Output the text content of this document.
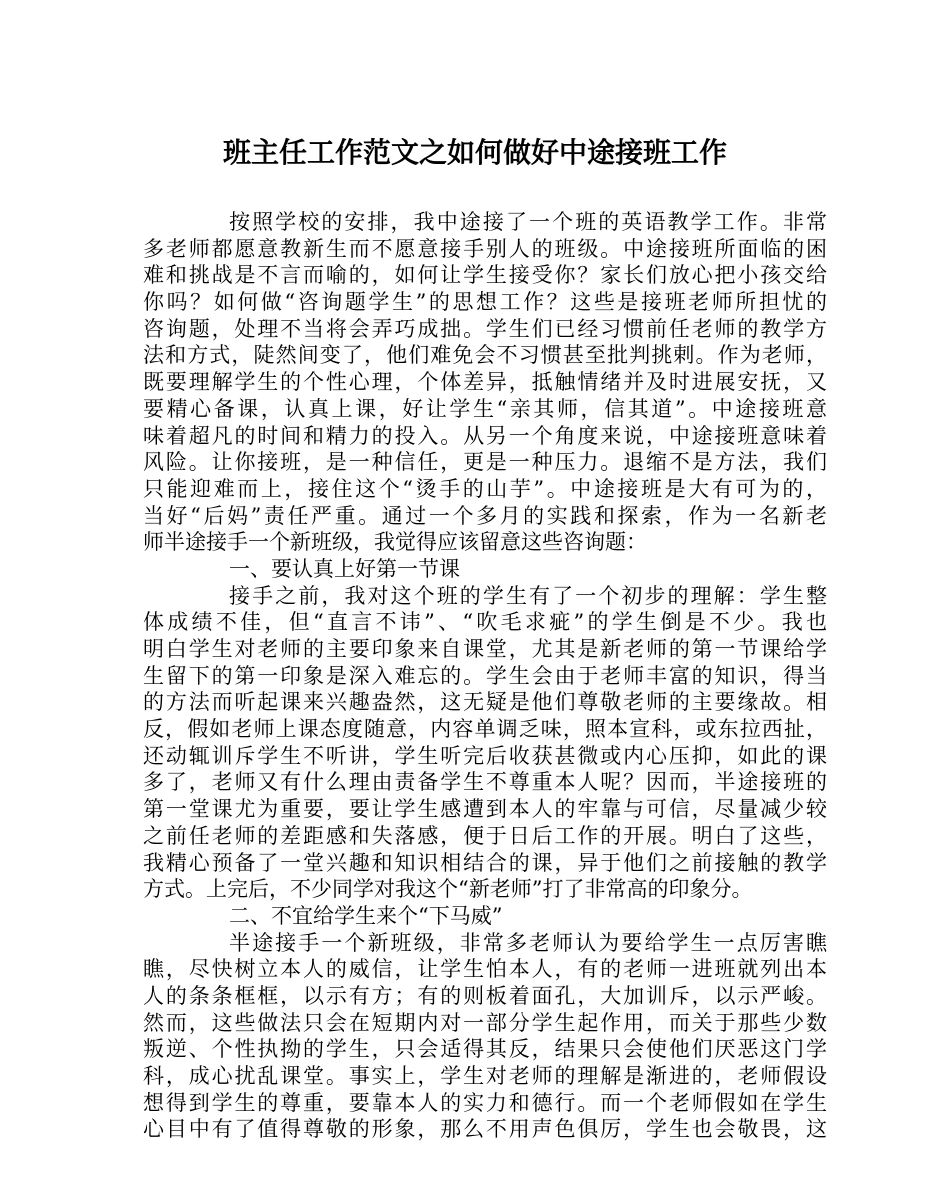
班主任工作范文之如何做好中途接班工作
按照学校的安排，我中途接了一个班的英语教学工作。非常
多老师都愿意教新生而不愿意接手别人的班级。中途接班所面临的困
难和挑战是不言而喻的，如何让学生接受你？家长们放心把小孩交给
你吗？如何做“咨询题学生”的思想工作？这些是接班老师所担忧的
咨询题，处理不当将会弄巧成拙。学生们已经习惯前任老师的教学方
法和方式，陡然间变了，他们难免会不习惯甚至批判挑剌。作为老师，
既要理解学生的个性心理，个体差异，抵触情绪并及时进展安抚，又
要精心备课，认真上课，好让学生“亲其师，信其道”。中途接班意
味着超凡的时间和精力的投入。从另一个角度来说，中途接班意味着
风险。让你接班，是一种信任，更是一种压力。退缩不是方法，我们
只能迎难而上，接住这个“烫手的山芋”。中途接班是大有可为的，
当好“后妈”责任严重。通过一个多月的实践和探索，作为一名新老
师半途接手一个新班级，我觉得应该留意这些咨询题：
一、要认真上好第一节课
接手之前，我对这个班的学生有了一个初步的理解：学生整
体成绩不佳，但“直言不讳”、“吹毛求疵”的学生倒是不少。我也
明白学生对老师的主要印象来自课堂，尤其是新老师的第一节课给学
生留下的第一印象是深入难忘的。学生会由于老师丰富的知识，得当
的方法而听起课来兴趣盎然，这无疑是他们尊敬老师的主要缘故。相
反，假如老师上课态度随意，内容单调乏味，照本宣科，或东拉西扯，
还动辄训斥学生不听讲，学生听完后收获甚微或内心压抑，如此的课
多了，老师又有什么理由责备学生不尊重本人呢？因而，半途接班的
第一堂课尤为重要，要让学生感遭到本人的牢靠与可信，尽量减少较
之前任老师的差距感和失落感，便于日后工作的开展。明白了这些，
我精心预备了一堂兴趣和知识相结合的课，异于他们之前接触的教学
方式。上完后，不少同学对我这个“新老师”打了非常高的印象分。
二、不宜给学生来个“下马威”
半途接手一个新班级，非常多老师认为要给学生一点厉害瞧
瞧，尽快树立本人的威信，让学生怕本人，有的老师一进班就列出本
人的条条框框，以示有方；有的则板着面孔，大加训斥，以示严峻。
然而，这些做法只会在短期内对一部分学生起作用，而关于那些少数
叛逆、个性执拗的学生，只会适得其反，结果只会使他们厌恶这门学
科，成心扰乱课堂。事实上，学生对老师的理解是渐进的，老师假设
想得到学生的尊重，要靠本人的实力和德行。而一个老师假如在学生
心目中有了值得尊敬的形象，那么不用声色俱厉，学生也会敬畏，这
